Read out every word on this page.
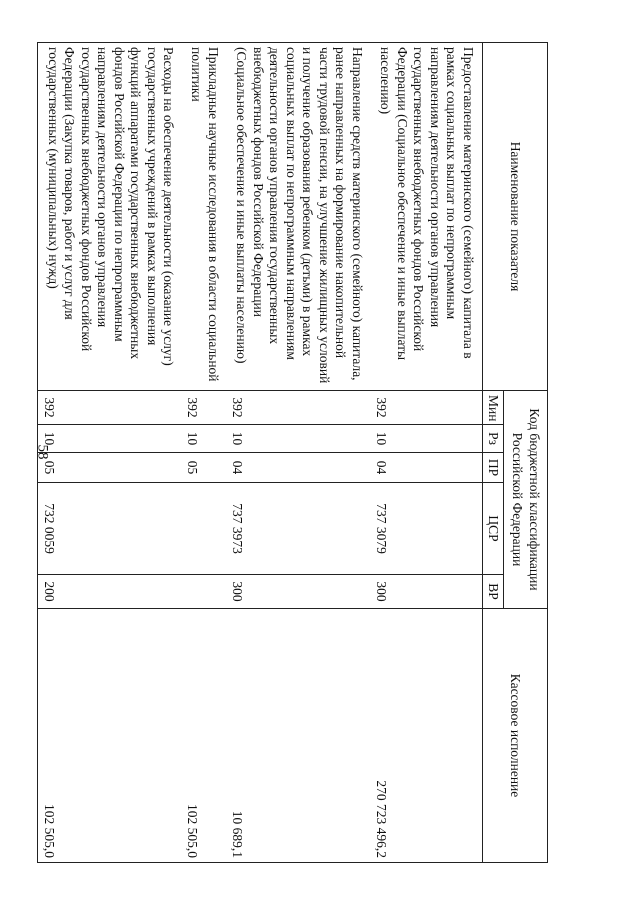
58
Наименование показателя	Код бюджетной классификации Российской Федерации					Кассовое исполнение
	Мин	Рз	ПР	ЦСР	ВР	
Предоставление материнского (семейного) капитала в рамках социальных выплат по непрограммным направлениям деятельности органов управления государственных внебюджетных фондов Российской Федерации (Социальное обеспечение и иные выплаты населению)	392	10	04	737 3079	300	270 723 496,2
Направление средств материнского (семейного) капитала, ранее направленных на формирование накопительной части трудовой пенсии, на улучшение жилищных условий и получение образования ребенком (детьми) в рамках социальных выплат по непрограммным направлениям деятельности органов управления государственных внебюджетных фондов Российской Федерации (Социальное обеспечение и иные выплаты населению)	392	10	04	737 3973	300	10 689,1
Прикладные научные исследования в области социальной политики	392	10	05			102 505,0
Расходы на обеспечение деятельности (оказание услуг) государственных учреждений в рамках выполнения функций аппаратами государственных внебюджетных фондов Российской Федерации по непрограммным направлениям деятельности органов управления государственных внебюджетных фондов Российской Федерации (Закупка товаров, работ и услуг для государственных (муниципальных) нужд)	392	10	05	732 0059	200	102 505,0
